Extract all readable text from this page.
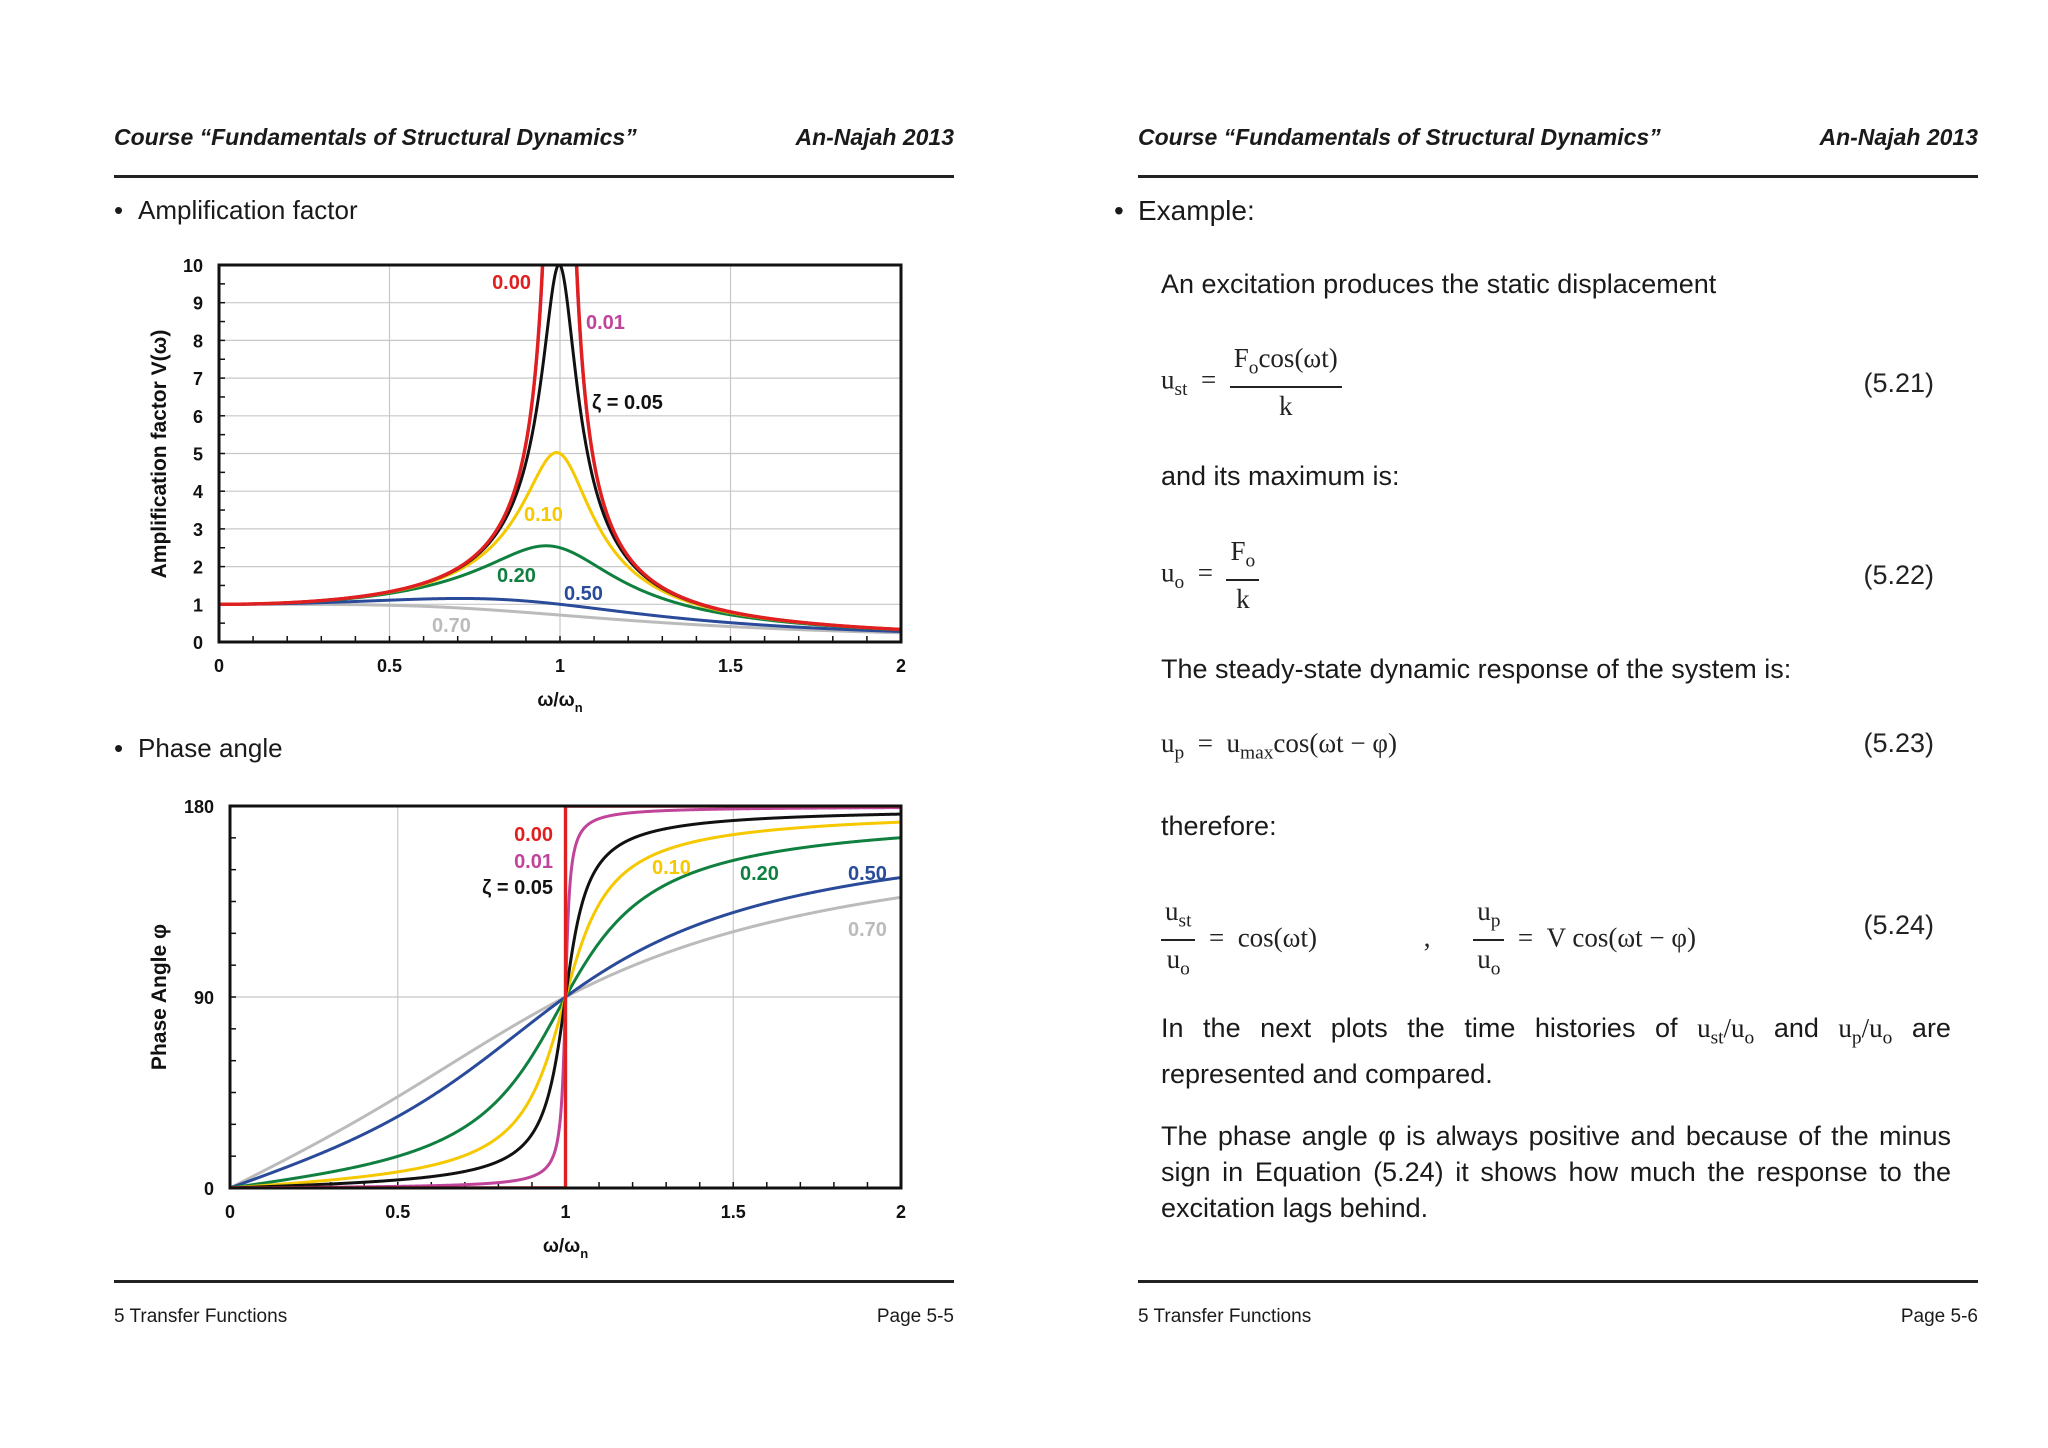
Course “Fundamentals of Structural Dynamics”	An-Najah 2013
• Amplification factor
0	0.5	1	1.5	2
0
1
2
3
4
5
6
7
8
9
10
$\omega/\omega_n$
Amplification factor V(ω)
0.00
0.01
ζ = 0.05
0.10
0.20
0.50
0.70
• Phase angle
0	0.5	1	1.5	2
0
90
180
$\omega/\omega_n$
Phase Angle φ
0.00
0.01
ζ = 0.05
0.10 0.20	0.50
0.70
5 Transfer Functions	Page 5-5
Course “Fundamentals of Structural Dynamics”	An-Najah 2013
5 Transfer Functions	Page 5-6
• Example:
An excitation produces the static displacement
$u_{st} = \frac{F_o\cos(\omega t)}{k}$	(5.21)
and its maximum is:
$u_o = \frac{F_o}{k}$	(5.22)
The steady-state dynamic response of the system is:
$u_p = u_{max}\cos(\omega t - \varphi)$	(5.23)
therefore:
$\frac{u_{st}}{u_o} = \cos(\omega t)$	, $\frac{u_p}{u_o} = V$ cos(ωt − φ)	(5.24)
In the next plots the time histories of $u_{st}/u_o$ and $u_p/u_o$ are represented and compared.
The phase angle φ is always positive and because of the minus sign in Equation (5.24) it shows how much the response to the excitation lags behind.
